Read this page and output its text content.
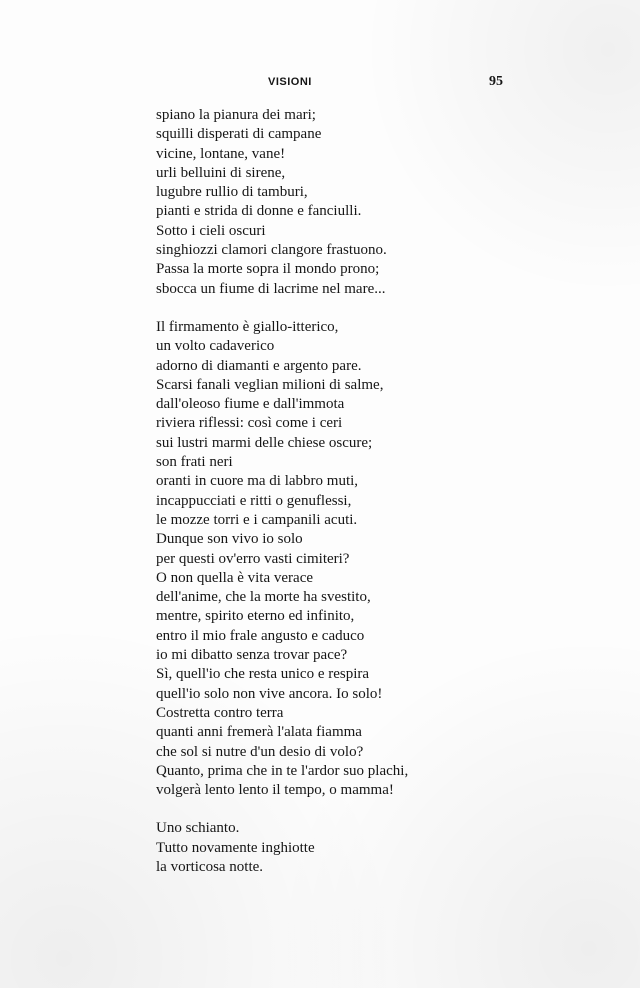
VISIONI	95
spiano la pianura dei mari;
squilli disperati di campane
vicine, lontane, vane!
urli belluini di sirene,
lugubre rullio di tamburi,
pianti e strida di donne e fanciulli.
Sotto i cieli oscuri
singhiozzi clamori clangore frastuono.
Passa la morte sopra il mondo prono;
sbocca un fiume di lacrime nel mare...
Il firmamento è giallo-itterico,
un volto cadaverico
adorno di diamanti e argento pare.
Scarsi fanali veglian milioni di salme,
dall'oleoso fiume e dall'immota
riviera riflessi: così come i ceri
sui lustri marmi delle chiese oscure;
son frati neri
oranti in cuore ma di labbro muti,
incappucciati e ritti o genuflessi,
le mozze torri e i campanili acuti.
Dunque son vivo io solo
per questi ov'erro vasti cimiteri?
O non quella è vita verace
dell'anime, che la morte ha svestito,
mentre, spirito eterno ed infinito,
entro il mio frale angusto e caduco
io mi dibatto senza trovar pace?
Sì, quell'io che resta unico e respira
quell'io solo non vive ancora. Io solo!
Costretta contro terra
quanti anni fremerà l'alata fiamma
che sol si nutre d'un desio di volo?
Quanto, prima che in te l'ardor suo plachi,
volgerà lento lento il tempo, o mamma!
Uno schianto.
Tutto novamente inghiotte
la vorticosa notte.
